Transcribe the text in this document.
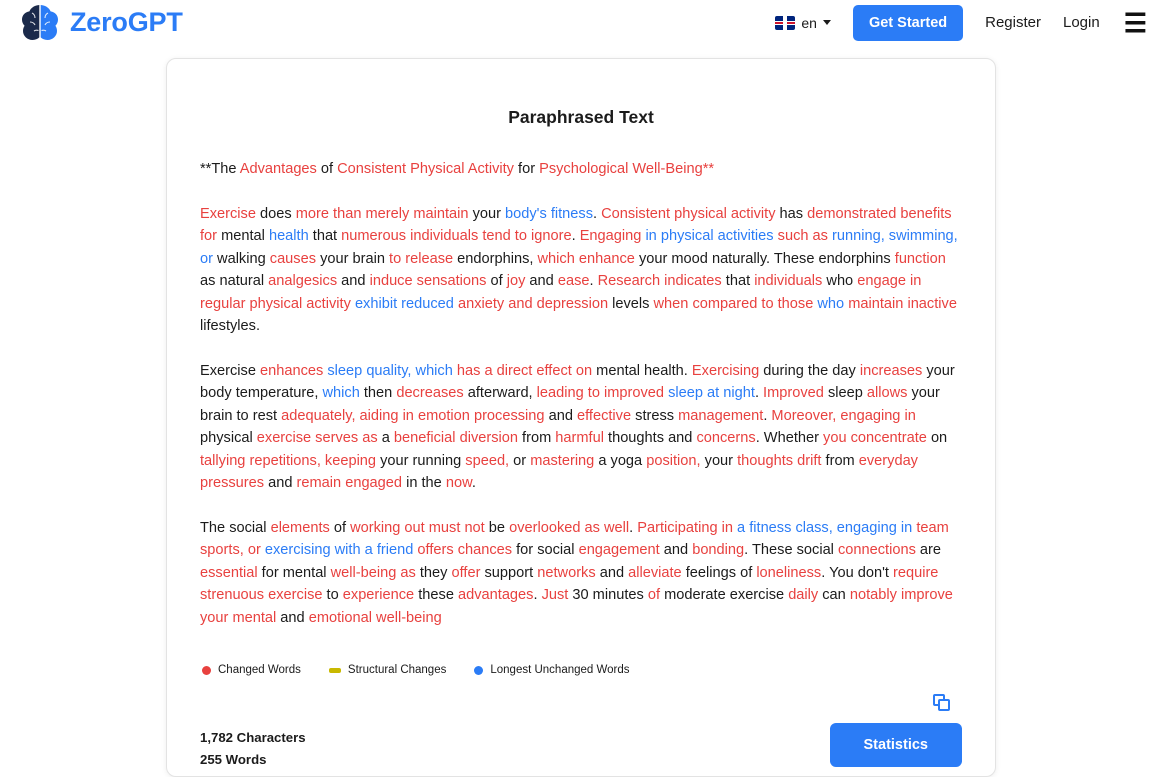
ZeroGPT	en	Get Started	Register Login ☰
Paraphrased Text

**The Advantages of Consistent Physical Activity for Psychological Well-Being**

Exercise does more than merely maintain your body's fitness. Consistent physical activity has demonstrated benefits for mental health that numerous individuals tend to ignore. Engaging in physical activities such as running, swimming, or walking causes your brain to release endorphins, which enhance your mood naturally. These endorphins function as natural analgesics and induce sensations of joy and ease. Research indicates that individuals who engage in regular physical activity exhibit reduced anxiety and depression levels when compared to those who maintain inactive lifestyles.

Exercise enhances sleep quality, which has a direct effect on mental health. Exercising during the day increases your body temperature, which then decreases afterward, leading to improved sleep at night. Improved sleep allows your brain to rest adequately, aiding in emotion processing and effective stress management. Moreover, engaging in physical exercise serves as a beneficial diversion from harmful thoughts and concerns. Whether you concentrate on tallying repetitions, keeping your running speed, or mastering a yoga position, your thoughts drift from everyday pressures and remain engaged in the now.

The social elements of working out must not be overlooked as well. Participating in a fitness class, engaging in team sports, or exercising with a friend offers chances for social engagement and bonding. These social connections are essential for mental well-being as they offer support networks and alleviate feelings of loneliness. You don't require strenuous exercise to experience these advantages. Just 30 minutes of moderate exercise daily can notably improve your mental and emotional well-being

Changed Words	Structural Changes	Longest Unchanged Words
1,782 Characters
255 Words
Statistics
